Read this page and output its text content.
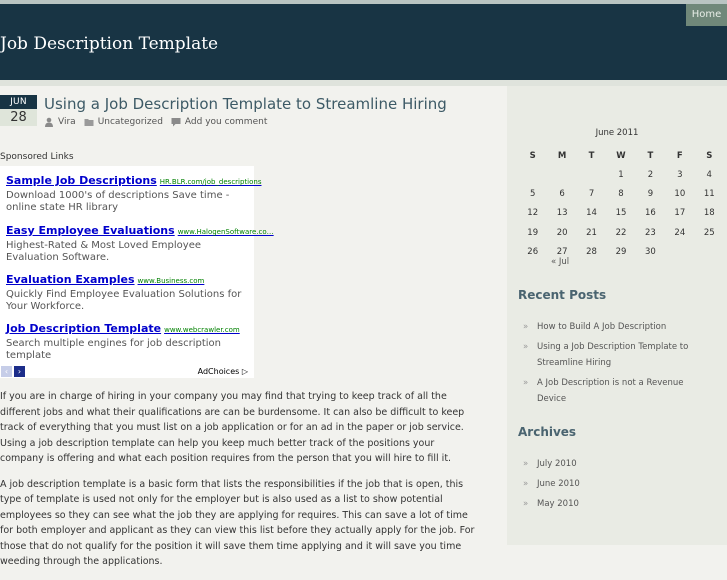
Job Description Template
Home
JUN
28
Using a Job Description Template to Streamline Hiring
Vira Uncategorized Add you comment
Sponsored Links
Sample Job Descriptions HR.BLR.com/job_descriptions
Download 1000's of descriptions Save time - online state HR library
Easy Employee Evaluations www.HalogenSoftware.co…
Highest-Rated & Most Loved Employee Evaluation Software.
Evaluation Examples www.Business.com
Quickly Find Employee Evaluation Solutions for Your Workforce.
Job Description Template www.webcrawler.com
Search multiple engines for job description template
‹	›	AdChoices ▷

If you are in charge of hiring in your company you may find that trying to keep track of all the different jobs and what their qualifications are can be burdensome. It can also be difficult to keep track of everything that you must list on a job application or for an ad in the paper or job service. Using a job description template can help you keep much better track of the positions your company is offering and what each position requires from the person that you will hire to fill it.

A job description template is a basic form that lists the responsibilities if the job that is open, this type of template is used not only for the employer but is also used as a list to show potential employees so they can see what the job they are applying for requires. This can save a lot of time for both employer and applicant as they can view this list before they actually apply for the job. For those that do not qualify for the position it will save them time applying and it will save you time weeding through the applications.

June 2011
S	M	T	W	T	F	S
			1	2	3	4
5	6	7	8	9	10	11
12	13	14	15	16	17	18
19	20	21	22	23	24	25
26	27	28	29	30		
« Jul
Recent Posts
» How to Build A Job Description
» Using a Job Description Template to Streamline Hiring
» A Job Description is not a Revenue Device
Archives
» July 2010
» June 2010
» May 2010
